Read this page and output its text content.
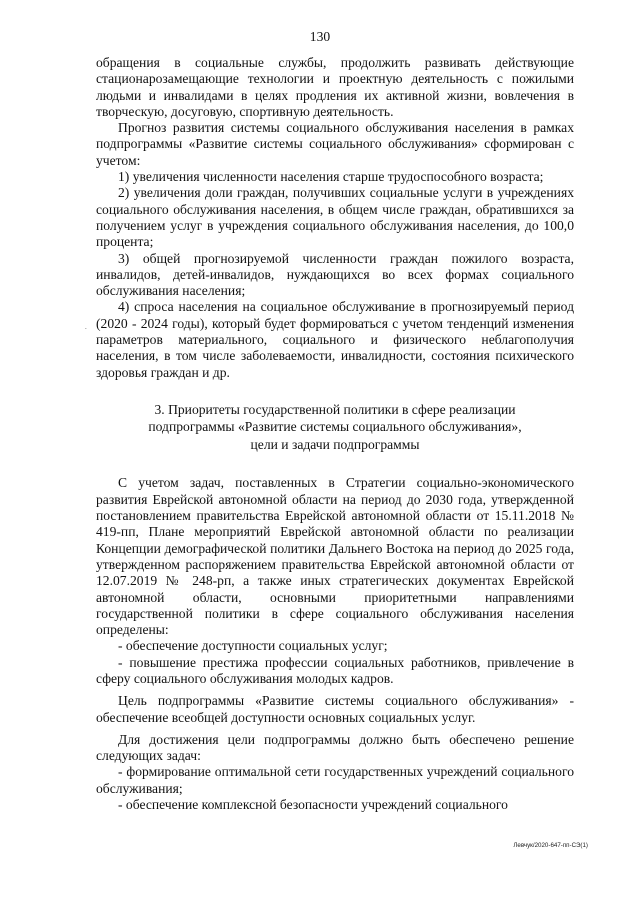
130
.

обращения в социальные службы, продолжить развивать действующие стационарозамещающие технологии и проектную деятельность с пожилыми людьми и инвалидами в целях продления их активной жизни, вовлечения в творческую, досуговую, спортивную деятельность.

Прогноз развития системы социального обслуживания населения в рамках подпрограммы «Развитие системы социального обслуживания» сформирован с учетом:

1) увеличения численности населения старше трудоспособного возраста;

2) увеличения доли граждан, получивших социальные услуги в учреждениях социального обслуживания населения, в общем числе граждан, обратившихся за получением услуг в учреждения социального обслуживания населения, до 100,0 процента;

3) общей прогнозируемой численности граждан пожилого возраста, инвалидов, детей-инвалидов, нуждающихся во всех формах социального обслуживания населения;

4) спроса населения на социальное обслуживание в прогнозируемый период (2020 - 2024 годы), который будет формироваться с учетом тенденций изменения параметров материального, социального и физического неблагополучия населения, в том числе заболеваемости, инвалидности, состояния психического здоровья граждан и др.

3. Приоритеты государственной политики в сфере реализации
подпрограммы «Развитие системы социального обслуживания»,
цели и задачи подпрограммы

С учетом задач, поставленных в Стратегии социально-экономического развития Еврейской автономной области на период до 2030 года, утвержденной постановлением правительства Еврейской автономной области от 15.11.2018 № 419-пп, Плане мероприятий Еврейской автономной области по реализации Концепции демографической политики Дальнего Востока на период до 2025 года, утвержденном распоряжением правительства Еврейской автономной области от 12.07.2019 № 248-рп, а также иных стратегических документах Еврейской автономной области, основными приоритетными направлениями государственной политики в сфере социального обслуживания населения определены:

- обеспечение доступности социальных услуг;

- повышение престижа профессии социальных работников, привлечение в сферу социального обслуживания молодых кадров.

Цель подпрограммы «Развитие системы социального обслуживания» - обеспечение всеобщей доступности основных социальных услуг.

Для достижения цели подпрограммы должно быть обеспечено решение следующих задач:

- формирование оптимальной сети государственных учреждений социального обслуживания;

- обеспечение комплексной безопасности учреждений социального

Левчук/2020-647-пп-СЭ(1)
